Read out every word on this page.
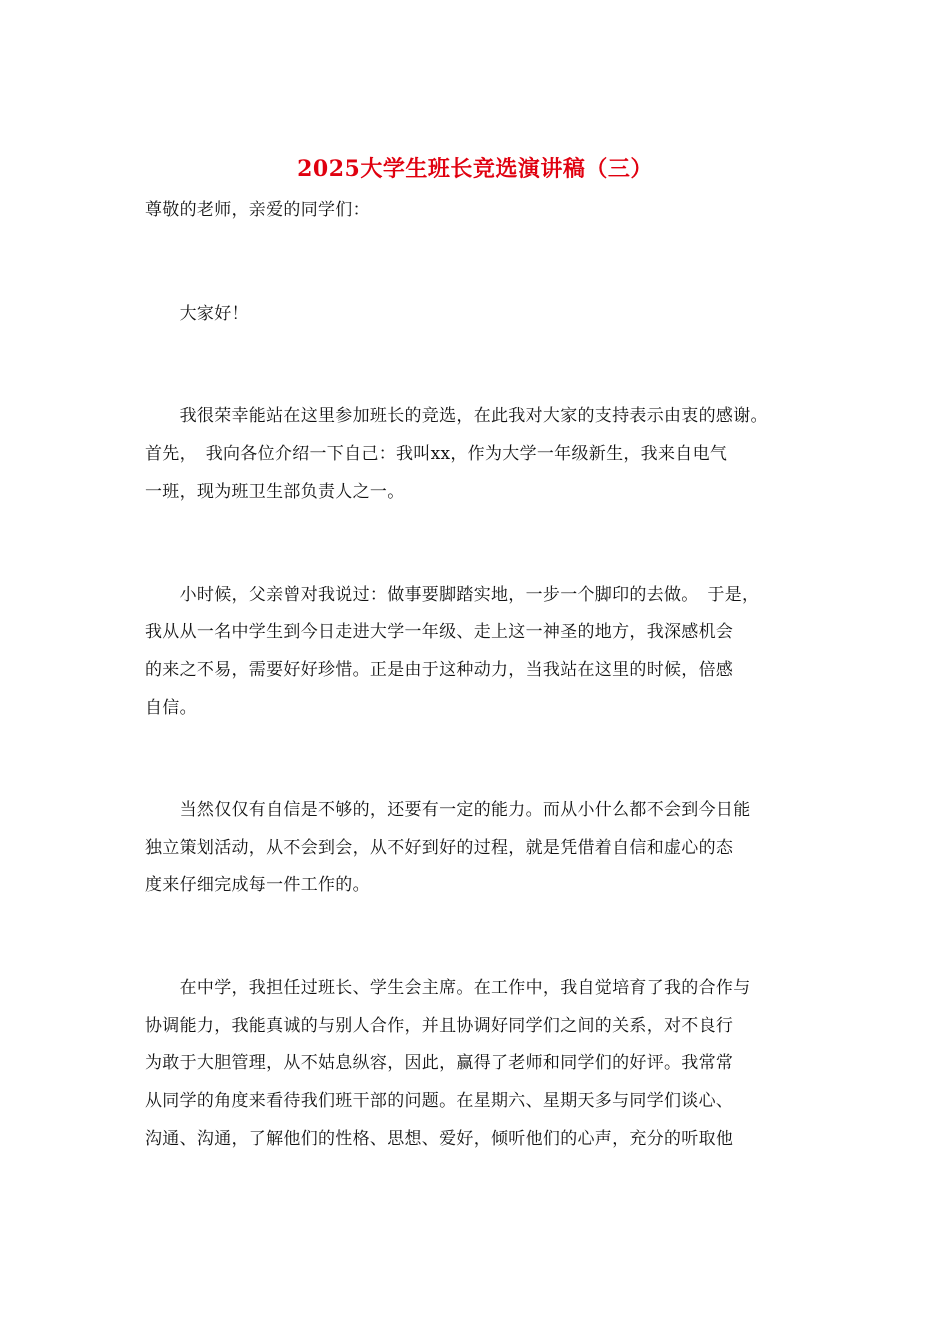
2025大学生班长竞选演讲稿（三）
尊敬的老师，亲爱的同学们：
　　大家好！
　　我很荣幸能站在这里参加班长的竞选，在此我对大家的支持表示由衷的感谢。
首先，　我向各位介绍一下自己：我叫xx，作为大学一年级新生，我来自电气
一班，现为班卫生部负责人之一。
　　小时候，父亲曾对我说过：做事要脚踏实地，一步一个脚印的去做。　于是，
我从从一名中学生到今日走进大学一年级、走上这一神圣的地方，我深感机会
的来之不易，需要好好珍惜。正是由于这种动力，当我站在这里的时候，倍感
自信。
　　当然仅仅有自信是不够的，还要有一定的能力。而从小什么都不会到今日能
独立策划活动，从不会到会，从不好到好的过程，就是凭借着自信和虚心的态
度来仔细完成每一件工作的。
　　在中学，我担任过班长、学生会主席。在工作中，我自觉培育了我的合作与
协调能力，我能真诚的与别人合作，并且协调好同学们之间的关系，对不良行
为敢于大胆管理，从不姑息纵容，因此，赢得了老师和同学们的好评。我常常
从同学的角度来看待我们班干部的问题。在星期六、星期天多与同学们谈心、
沟通、沟通，了解他们的性格、思想、爱好，倾听他们的心声，充分的听取他
